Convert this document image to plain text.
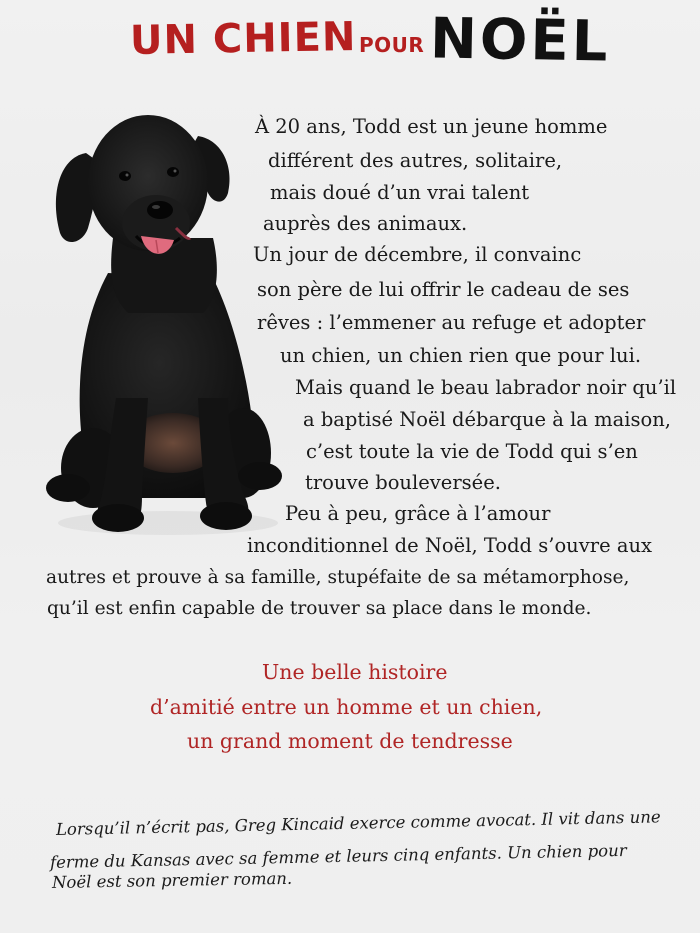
UN CHIEN POUR NOËL
À 20 ans, Todd est un jeune homme
différent des autres, solitaire,
mais doué d’un vrai talent
auprès des animaux.
Un jour de décembre, il convainc
son père de lui offrir le cadeau de ses
rêves : l’emmener au refuge et adopter
un chien, un chien rien que pour lui.
Mais quand le beau labrador noir qu’il
a baptisé Noël débarque à la maison,
c’est toute la vie de Todd qui s’en
trouve bouleversée.
Peu à peu, grâce à l’amour
inconditionnel de Noël, Todd s’ouvre aux
autres et prouve à sa famille, stupéfaite de sa métamorphose,
qu’il est enfin capable de trouver sa place dans le monde.
Une belle histoire
d’amitié entre un homme et un chien,
un grand moment de tendresse
Lorsqu’il n’écrit pas, Greg Kincaid exerce comme avocat. Il vit dans une
ferme du Kansas avec sa femme et leurs cinq enfants. Un chien pour
Noël est son premier roman.
